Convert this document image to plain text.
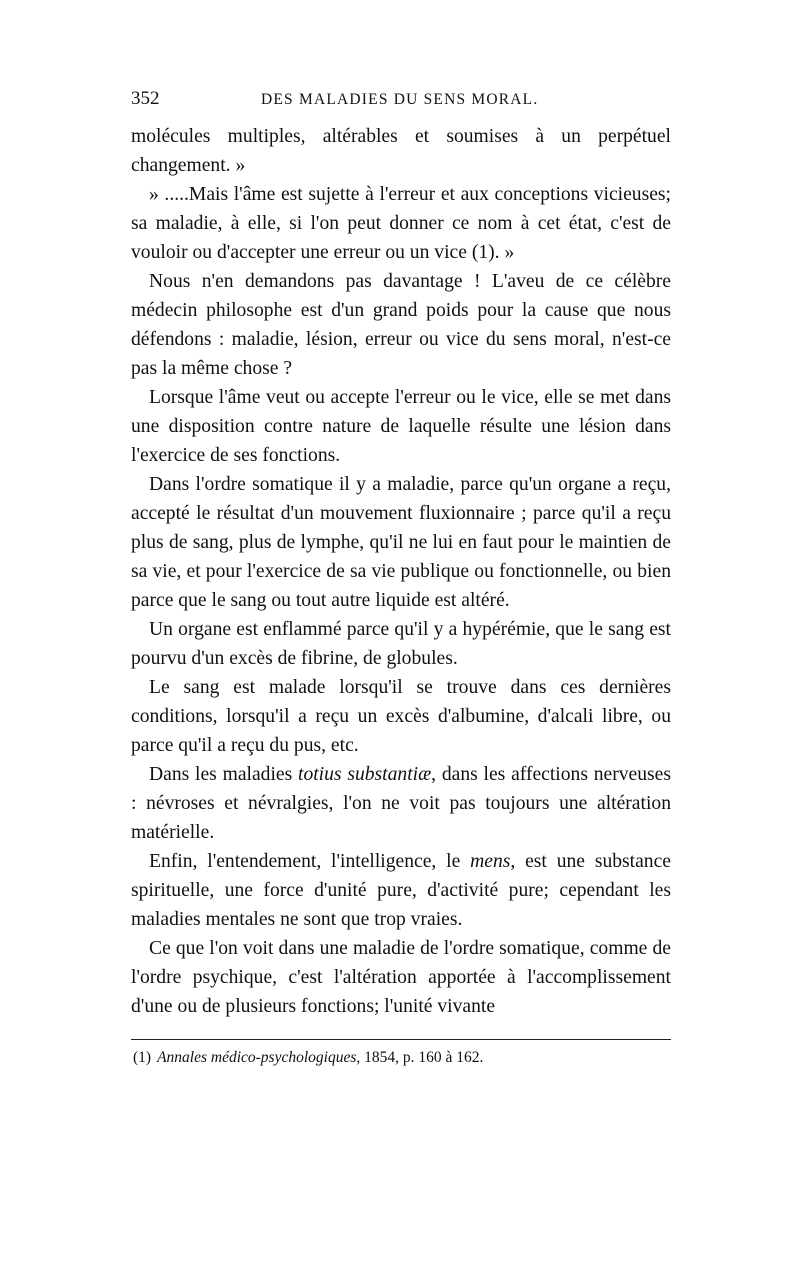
352	DES MALADIES DU SENS MORAL.

molécules multiples, altérables et soumises à un perpétuel changement. »

» .....Mais l'âme est sujette à l'erreur et aux conceptions vicieuses; sa maladie, à elle, si l'on peut donner ce nom à cet état, c'est de vouloir ou d'accepter une erreur ou un vice (1). »

Nous n'en demandons pas davantage ! L'aveu de ce célèbre médecin philosophe est d'un grand poids pour la cause que nous défendons : maladie, lésion, erreur ou vice du sens moral, n'est-ce pas la même chose ?

Lorsque l'âme veut ou accepte l'erreur ou le vice, elle se met dans une disposition contre nature de laquelle résulte une lésion dans l'exercice de ses fonctions.

Dans l'ordre somatique il y a maladie, parce qu'un organe a reçu, accepté le résultat d'un mouvement fluxionnaire ; parce qu'il a reçu plus de sang, plus de lymphe, qu'il ne lui en faut pour le maintien de sa vie, et pour l'exercice de sa vie publique ou fonctionnelle, ou bien parce que le sang ou tout autre liquide est altéré.

Un organe est enflammé parce qu'il y a hypérémie, que le sang est pourvu d'un excès de fibrine, de globules.

Le sang est malade lorsqu'il se trouve dans ces dernières conditions, lorsqu'il a reçu un excès d'albumine, d'alcali libre, ou parce qu'il a reçu du pus, etc.

Dans les maladies totius substantiæ, dans les affections nerveuses : névroses et névralgies, l'on ne voit pas toujours une altération matérielle.

Enfin, l'entendement, l'intelligence, le mens, est une substance spirituelle, une force d'unité pure, d'activité pure; cependant les maladies mentales ne sont que trop vraies.

Ce que l'on voit dans une maladie de l'ordre somatique, comme de l'ordre psychique, c'est l'altération apportée à l'accomplissement d'une ou de plusieurs fonctions; l'unité vivante

(1) Annales médico-psychologiques, 1854, p. 160 à 162.
